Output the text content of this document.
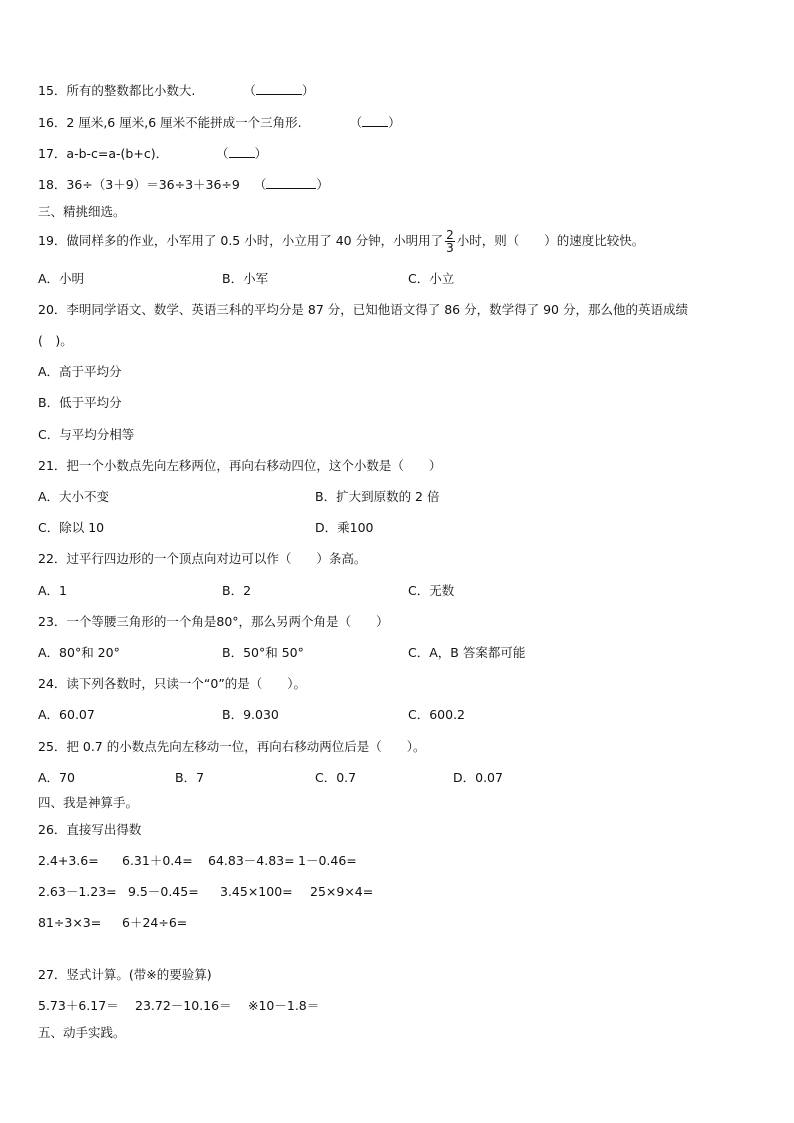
15．所有的整数都比小数大.	（	）
16．2 厘米,6 厘米,6 厘米不能拼成一个三角形.	（ ）
17．a-b-c=a-(b+c)．	（ ）
18．36÷（3＋9）＝36÷3＋36÷9 （	）
三、精挑细选。
19．做同样多的作业，小军用了 0.5 小时，小立用了 40 分钟，小明用了 $\frac{2}{3}$ 小时，则（　　）的速度比较快。
A．小明	B．小军	C．小立
20．李明同学语文、数学、英语三科的平均分是 87 分，已知他语文得了 86 分，数学得了 90 分，那么他的英语成绩
(　)。
A．高于平均分
B．低于平均分
C．与平均分相等
21．把一个小数点先向左移两位，再向右移动四位，这个小数是（　　）
A．大小不变	B．扩大到原数的 2 倍
C．除以 10	D．乘100
22．过平行四边形的一个顶点向对边可以作（　　）条高。
A．1	B．2	C．无数
23．一个等腰三角形的一个角是80°，那么另两个角是（　　）
A．80°和 20°	B．50°和 50°	C．A，B 答案都可能
24．读下列各数时，只读一个“0”的是（　　）。
A．60.07	B．9.030	C．600.2
25．把 0.7 的小数点先向左移动一位，再向右移动两位后是（　　）。
A．70	B．7	C．0.7	D．0.07
四、我是神算手。
26．直接写出得数
2.4+3.6= 6.31＋0.4= 64.83－4.83= 1－0.46=
2.63－1.23= 9.5－0.45= 3.45×100= 25×9×4=
81÷3×3= 6＋24÷6=
27．竖式计算。(带※的要验算)
5.73＋6.17＝ 23.72－10.16＝ ※10－1.8＝
五、动手实践。
